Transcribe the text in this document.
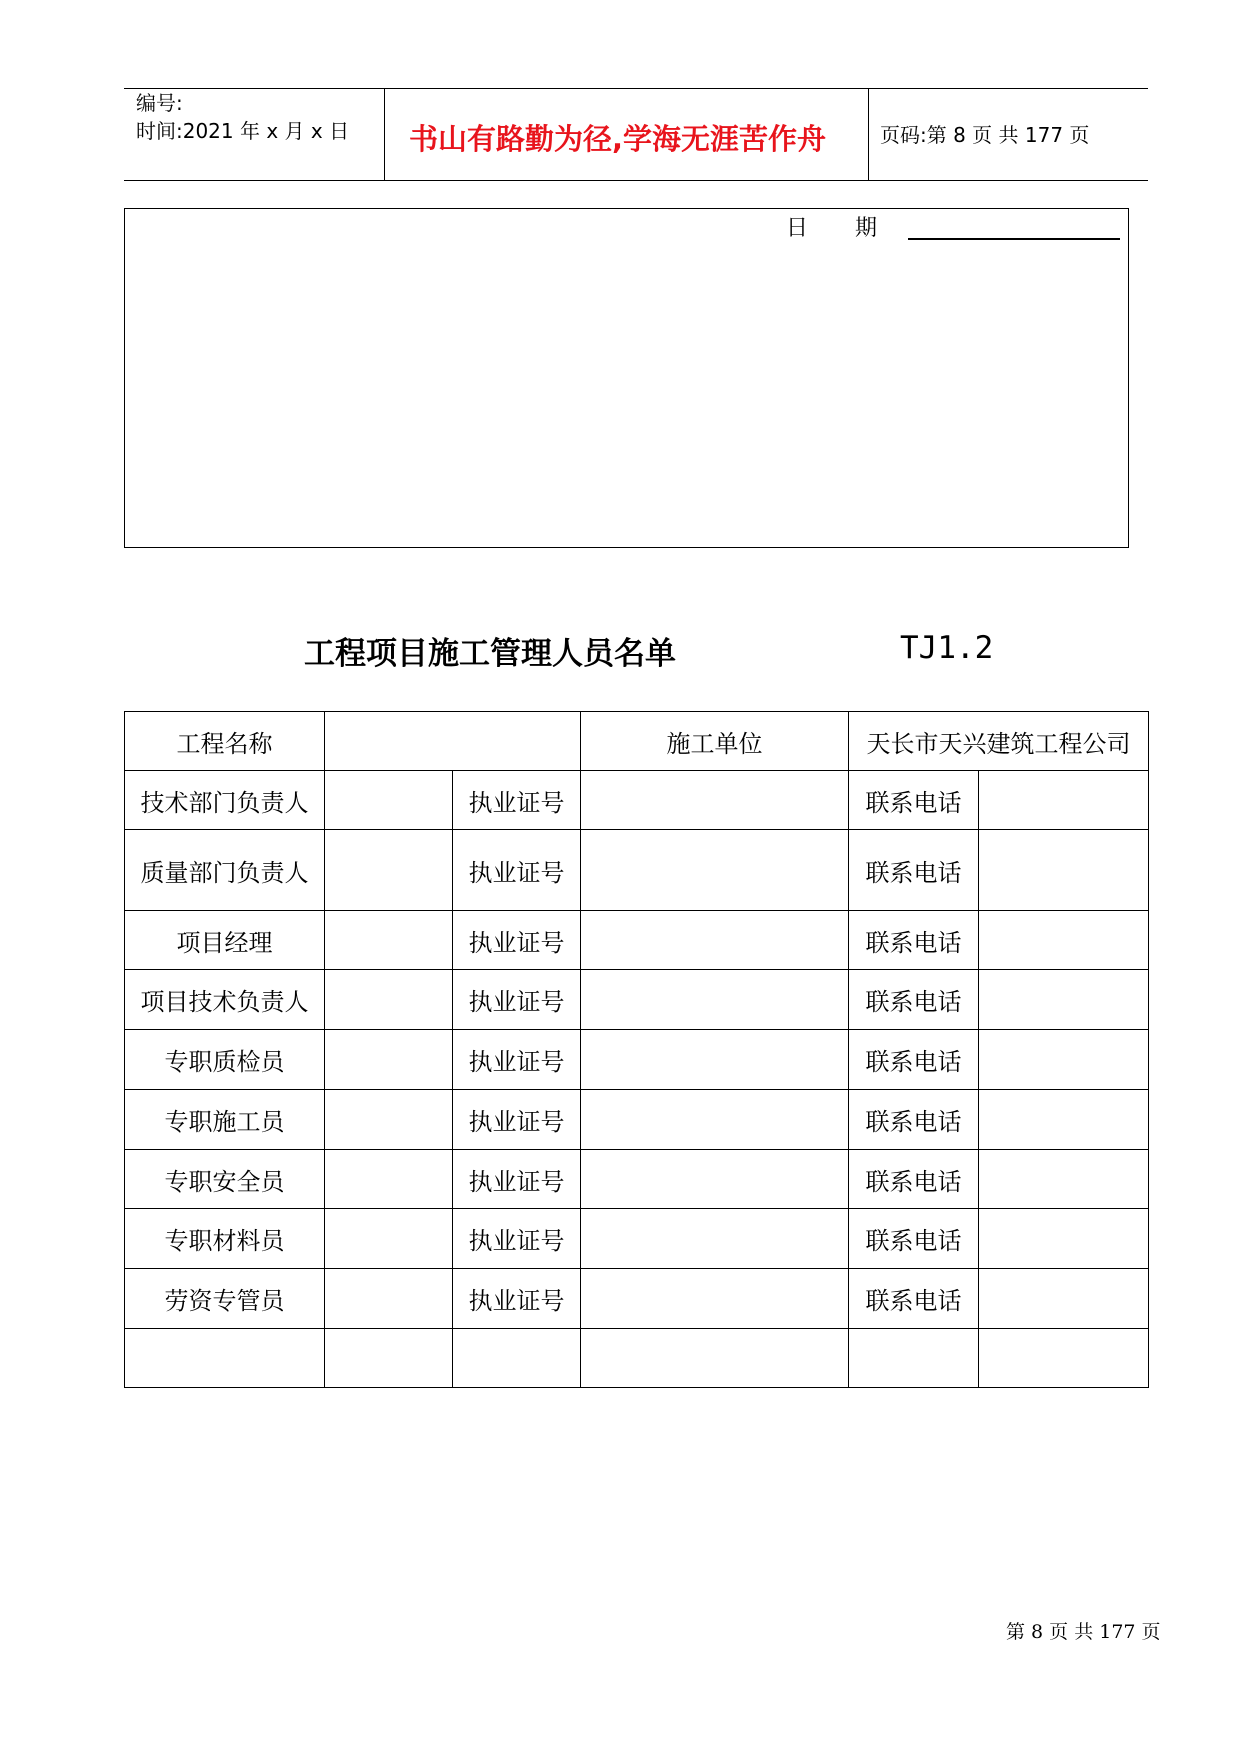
编号:
时间:2021 年 x 月 x 日 书山有路勤为径,学海无涯苦作舟	页码:第 8 页 共 177 页
日 期
工程项目施工管理人员名单	TJ1.2
工程名称			施工单位	天长市天兴建筑工程公司	
技术部门负责人		执业证号		联系电话	
质量部门负责人		执业证号		联系电话	
项目经理		执业证号		联系电话	
项目技术负责人		执业证号		联系电话	
专职质检员		执业证号		联系电话	
专职施工员		执业证号		联系电话	
专职安全员		执业证号		联系电话	
专职材料员		执业证号		联系电话	
劳资专管员		执业证号		联系电话	

第 8 页 共 177 页
